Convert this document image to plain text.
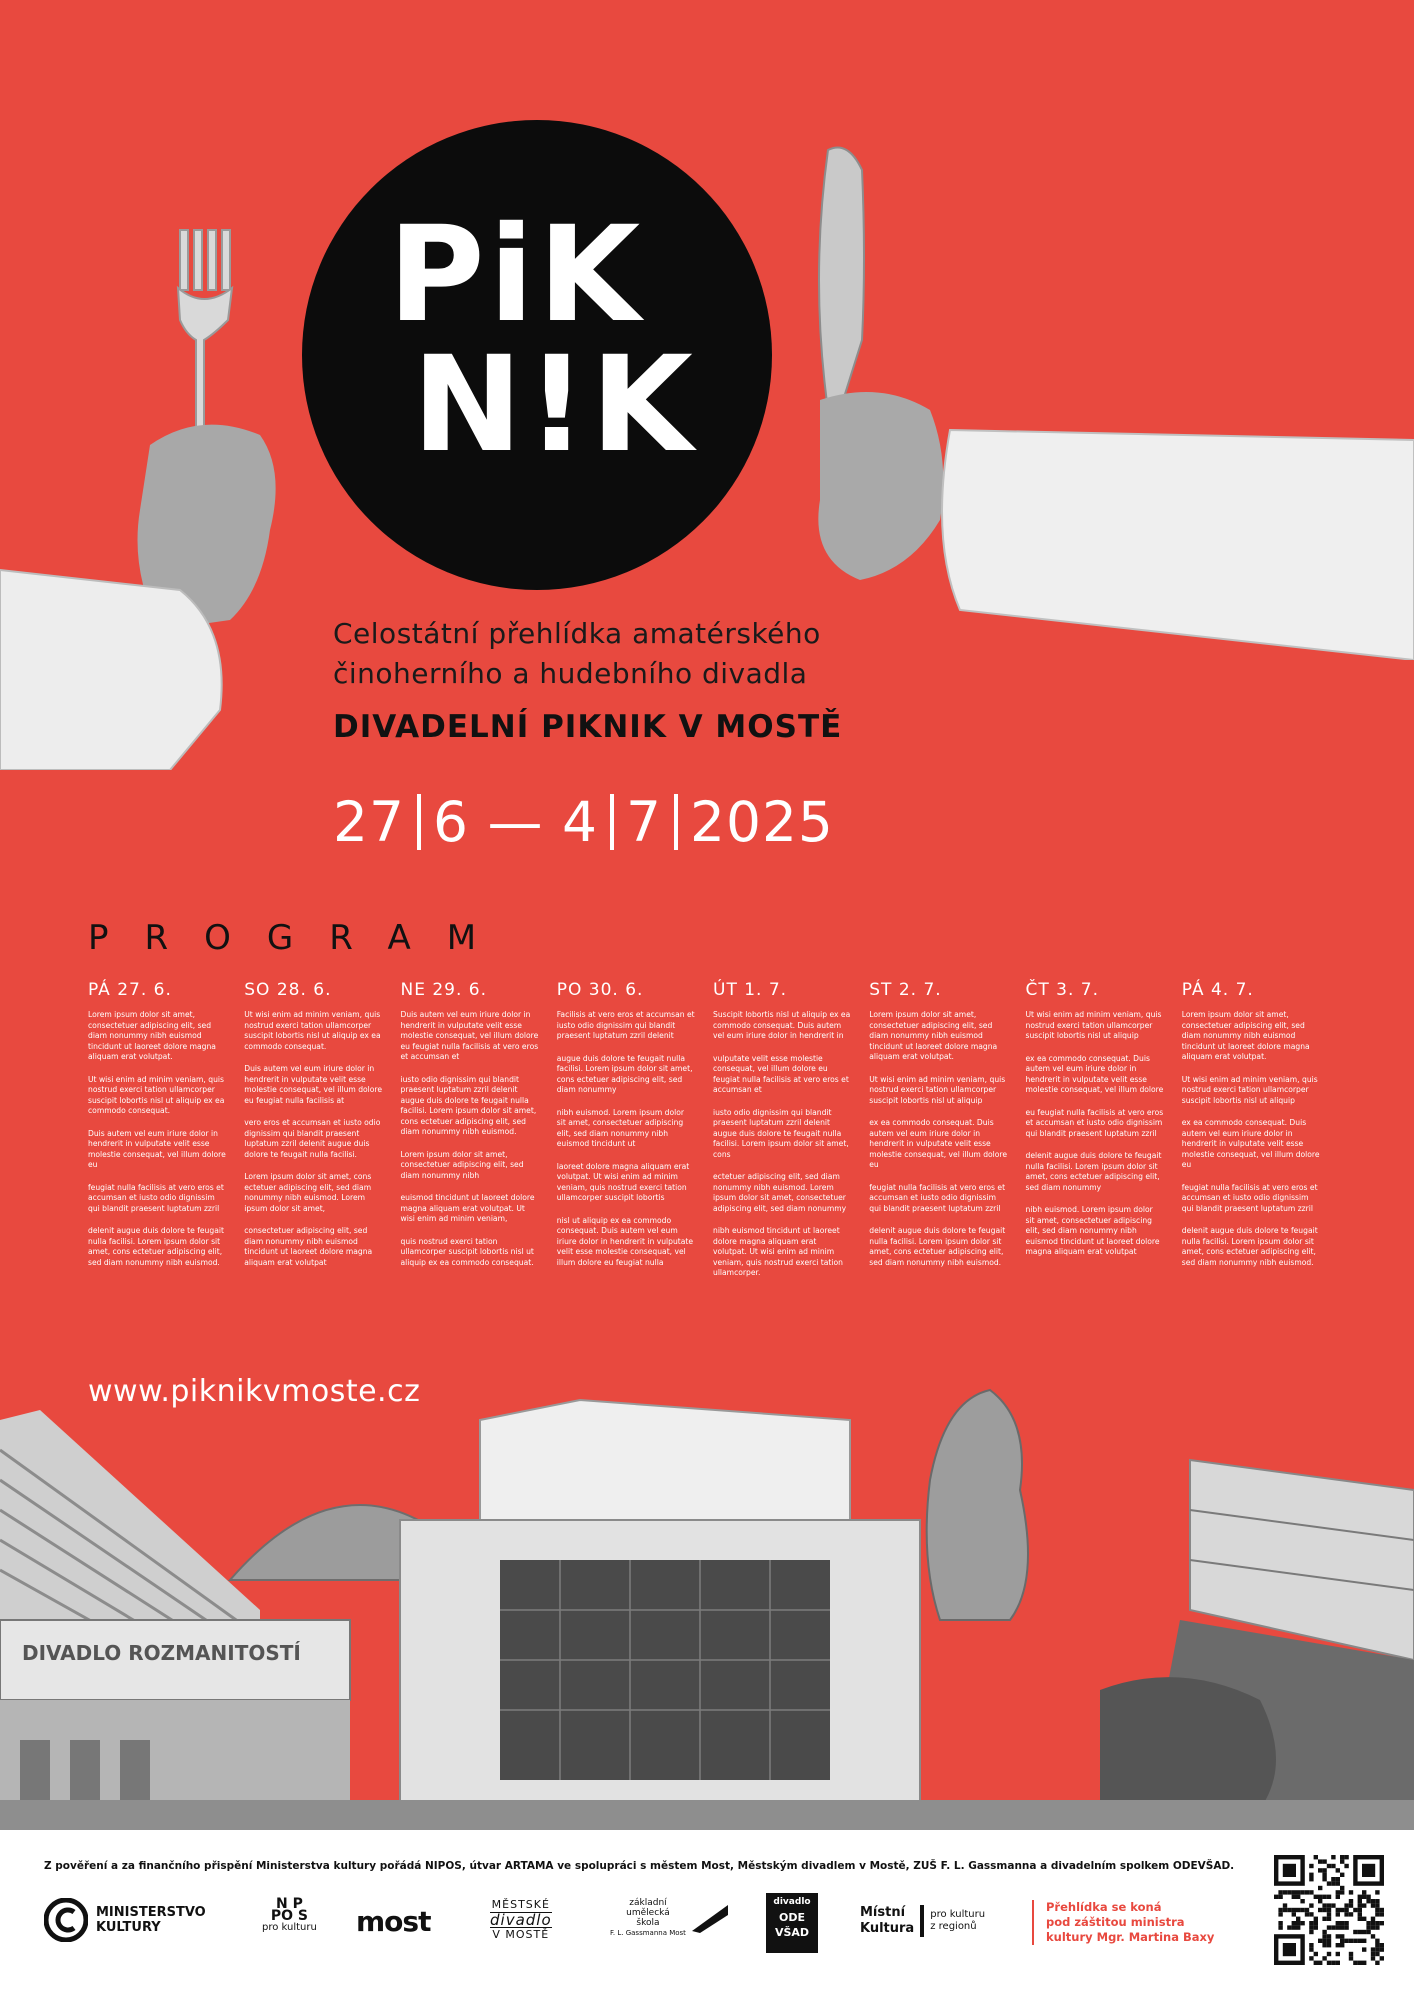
PiK
N!K
Celostátní přehlídka amatérského
činoherního a hudebního divadla
DIVADELNÍ PIKNIK V MOSTĚ
27 6 — 4 7 2025
PROGRAM
PÁ 27. 6.

Lorem ipsum dolor sit amet, consectetuer adipiscing elit, sed diam nonummy nibh euismod tincidunt ut laoreet dolore magna aliquam erat volutpat.

Ut wisi enim ad minim veniam, quis nostrud exerci tation ullamcorper suscipit lobortis nisl ut aliquip ex ea commodo consequat.

Duis autem vel eum iriure dolor in hendrerit in vulputate velit esse molestie consequat, vel illum dolore eu

feugiat nulla facilisis at vero eros et accumsan et iusto odio dignissim qui blandit praesent luptatum zzril

delenit augue duis dolore te feugait nulla facilisi. Lorem ipsum dolor sit amet, cons ectetuer adipiscing elit, sed diam nonummy nibh euismod.

SO 28. 6.

Ut wisi enim ad minim veniam, quis nostrud exerci tation ullamcorper suscipit lobortis nisl ut aliquip ex ea commodo consequat.

Duis autem vel eum iriure dolor in hendrerit in vulputate velit esse molestie consequat, vel illum dolore eu feugiat nulla facilisis at

vero eros et accumsan et iusto odio dignissim qui blandit praesent luptatum zzril delenit augue duis dolore te feugait nulla facilisi.

Lorem ipsum dolor sit amet, cons ectetuer adipiscing elit, sed diam nonummy nibh euismod. Lorem ipsum dolor sit amet,

consectetuer adipiscing elit, sed diam nonummy nibh euismod tincidunt ut laoreet dolore magna aliquam erat volutpat

NE 29. 6.

Duis autem vel eum iriure dolor in hendrerit in vulputate velit esse molestie consequat, vel illum dolore eu feugiat nulla facilisis at vero eros et accumsan et

iusto odio dignissim qui blandit praesent luptatum zzril delenit augue duis dolore te feugait nulla facilisi. Lorem ipsum dolor sit amet, cons ectetuer adipiscing elit, sed diam nonummy nibh euismod.

Lorem ipsum dolor sit amet, consectetuer adipiscing elit, sed diam nonummy nibh

euismod tincidunt ut laoreet dolore magna aliquam erat volutpat. Ut wisi enim ad minim veniam,

quis nostrud exerci tation ullamcorper suscipit lobortis nisl ut aliquip ex ea commodo consequat.

PO 30. 6.

Facilisis at vero eros et accumsan et iusto odio dignissim qui blandit praesent luptatum zzril delenit

augue duis dolore te feugait nulla facilisi. Lorem ipsum dolor sit amet, cons ectetuer adipiscing elit, sed diam nonummy

nibh euismod. Lorem ipsum dolor sit amet, consectetuer adipiscing elit, sed diam nonummy nibh euismod tincidunt ut

laoreet dolore magna aliquam erat volutpat. Ut wisi enim ad minim veniam, quis nostrud exerci tation ullamcorper suscipit lobortis

nisl ut aliquip ex ea commodo consequat. Duis autem vel eum iriure dolor in hendrerit in vulputate velit esse molestie consequat, vel illum dolore eu feugiat nulla

ÚT 1. 7.

Suscipit lobortis nisl ut aliquip ex ea commodo consequat. Duis autem vel eum iriure dolor in hendrerit in

vulputate velit esse molestie consequat, vel illum dolore eu feugiat nulla facilisis at vero eros et accumsan et

iusto odio dignissim qui blandit praesent luptatum zzril delenit augue duis dolore te feugait nulla facilisi. Lorem ipsum dolor sit amet, cons

ectetuer adipiscing elit, sed diam nonummy nibh euismod. Lorem ipsum dolor sit amet, consectetuer adipiscing elit, sed diam nonummy

nibh euismod tincidunt ut laoreet dolore magna aliquam erat volutpat. Ut wisi enim ad minim veniam, quis nostrud exerci tation ullamcorper.

ST 2. 7.

Lorem ipsum dolor sit amet, consectetuer adipiscing elit, sed diam nonummy nibh euismod tincidunt ut laoreet dolore magna aliquam erat volutpat.

Ut wisi enim ad minim veniam, quis nostrud exerci tation ullamcorper suscipit lobortis nisl ut aliquip

ex ea commodo consequat. Duis autem vel eum iriure dolor in hendrerit in vulputate velit esse molestie consequat, vel illum dolore eu

feugiat nulla facilisis at vero eros et accumsan et iusto odio dignissim qui blandit praesent luptatum zzril

delenit augue duis dolore te feugait nulla facilisi. Lorem ipsum dolor sit amet, cons ectetuer adipiscing elit, sed diam nonummy nibh euismod.

ČT 3. 7.

Ut wisi enim ad minim veniam, quis nostrud exerci tation ullamcorper suscipit lobortis nisl ut aliquip

ex ea commodo consequat. Duis autem vel eum iriure dolor in hendrerit in vulputate velit esse molestie consequat, vel illum dolore

eu feugiat nulla facilisis at vero eros et accumsan et iusto odio dignissim qui blandit praesent luptatum zzril

delenit augue duis dolore te feugait nulla facilisi. Lorem ipsum dolor sit amet, cons ectetuer adipiscing elit, sed diam nonummy

nibh euismod. Lorem ipsum dolor sit amet, consectetuer adipiscing elit, sed diam nonummy nibh euismod tincidunt ut laoreet dolore magna aliquam erat volutpat

PÁ 4. 7.

Lorem ipsum dolor sit amet, consectetuer adipiscing elit, sed diam nonummy nibh euismod tincidunt ut laoreet dolore magna aliquam erat volutpat.

Ut wisi enim ad minim veniam, quis nostrud exerci tation ullamcorper suscipit lobortis nisl ut aliquip

ex ea commodo consequat. Duis autem vel eum iriure dolor in hendrerit in vulputate velit esse molestie consequat, vel illum dolore eu

feugiat nulla facilisis at vero eros et accumsan et iusto odio dignissim qui blandit praesent luptatum zzril

delenit augue duis dolore te feugait nulla facilisi. Lorem ipsum dolor sit amet, cons ectetuer adipiscing elit, sed diam nonummy nibh euismod.

www.piknikvmoste.cz
DIVADLO ROZMANITOSTÍ
Z pověření a za finančního přispění Ministerstva kultury pořádá NIPOS, útvar ARTAMA ve spolupráci s městem Most, Městským divadlem v Mostě, ZUŠ F. L. Gassmanna a divadelním spolkem ODEVŠAD.
MINISTERSTVO
KULTURY
N P
PO S
pro kulturu most
MĚSTSKÉ
divadlo
V MOSTĚ
základní
umělecká
škola
F. L. Gassmanna Most
divadlo
ODE
VŠAD
Místní
Kultura
pro kulturu
z regionů
Přehlídka se koná
pod záštitou ministra
kultury Mgr. Martina Baxy
